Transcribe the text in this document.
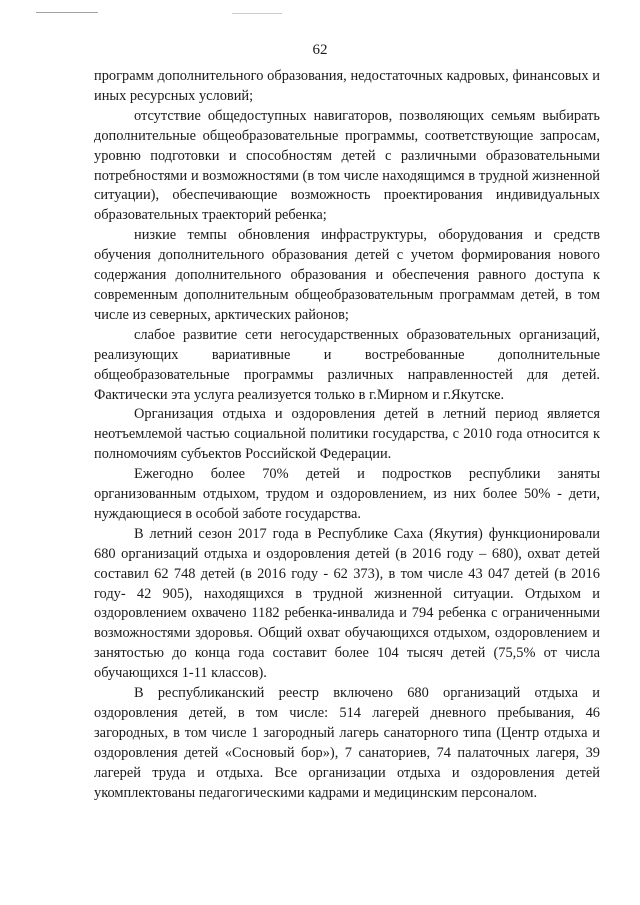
62

программ дополнительного образования, недостаточных кадровых, финансовых и иных ресурсных условий;

отсутствие общедоступных навигаторов, позволяющих семьям выбирать дополнительные общеобразовательные программы, соответствующие запросам, уровню подготовки и способностям детей с различными образовательными потребностями и возможностями (в том числе находящимся в трудной жизненной ситуации), обеспечивающие возможность проектирования индивидуальных образовательных траекторий ребенка;

низкие темпы обновления инфраструктуры, оборудования и средств обучения дополнительного образования детей с учетом формирования нового содержания дополнительного образования и обеспечения равного доступа к современным дополнительным общеобразовательным программам детей, в том числе из северных, арктических районов;

слабое развитие сети негосударственных образовательных организаций, реализующих вариативные и востребованные дополнительные общеобразовательные программы различных направленностей для детей. Фактически эта услуга реализуется только в г.Мирном и г.Якутске.

Организация отдыха и оздоровления детей в летний период является неотъемлемой частью социальной политики государства, с 2010 года относится к полномочиям субъектов Российской Федерации.

Ежегодно более 70% детей и подростков республики заняты организованным отдыхом, трудом и оздоровлением, из них более 50% - дети, нуждающиеся в особой заботе государства.

В летний сезон 2017 года в Республике Саха (Якутия) функционировали 680 организаций отдыха и оздоровления детей (в 2016 году – 680), охват детей составил 62 748 детей (в 2016 году - 62 373), в том числе 43 047 детей (в 2016 году- 42 905), находящихся в трудной жизненной ситуации. Отдыхом и оздоровлением охвачено 1182 ребенка-инвалида и 794 ребенка с ограниченными возможностями здоровья. Общий охват обучающихся отдыхом, оздоровлением и занятостью до конца года составит более 104 тысяч детей (75,5% от числа обучающихся 1-11 классов).

В республиканский реестр включено 680 организаций отдыха и оздоровления детей, в том числе: 514 лагерей дневного пребывания, 46 загородных, в том числе 1 загородный лагерь санаторного типа (Центр отдыха и оздоровления детей «Сосновый бор»), 7 санаториев, 74 палаточных лагеря, 39 лагерей труда и отдыха. Все организации отдыха и оздоровления детей укомплектованы педагогическими кадрами и медицинским персоналом.
